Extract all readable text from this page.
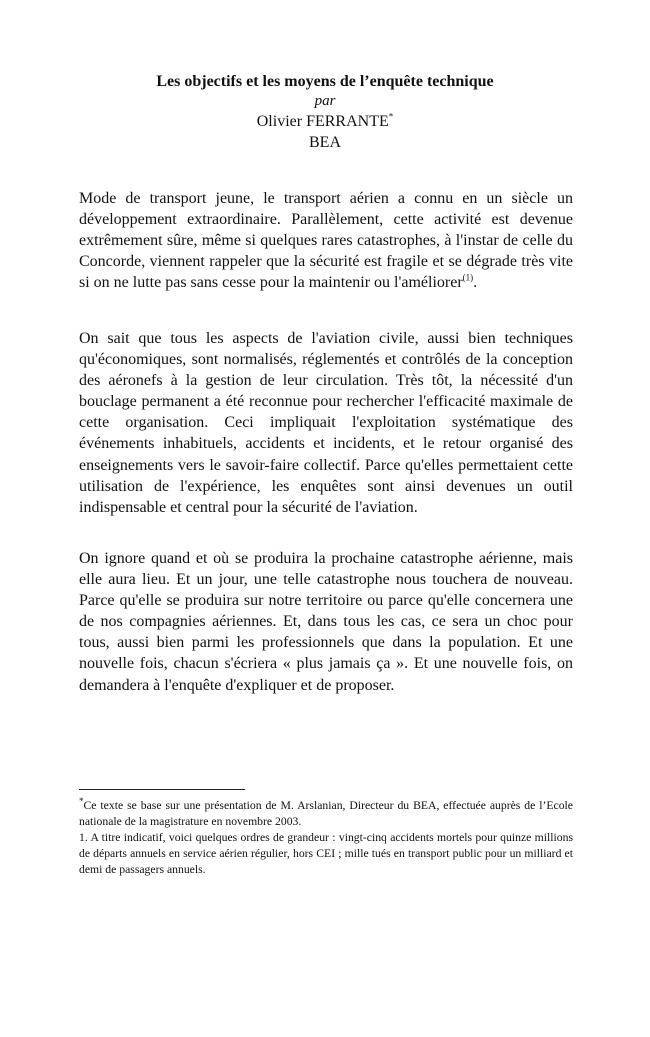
Les objectifs et les moyens de l’enquête technique
par
Olivier FERRANTE*
BEA

Mode de transport jeune, le transport aérien a connu en un siècle un développement extraordinaire. Parallèlement, cette activité est devenue extrêmement sûre, même si quelques rares catastrophes, à l'instar de celle du Concorde, viennent rappeler que la sécurité est fragile et se dégrade très vite si on ne lutte pas sans cesse pour la maintenir ou l'améliorer$^{(1)}$.

On sait que tous les aspects de l'aviation civile, aussi bien techniques qu'économiques, sont normalisés, réglementés et contrôlés de la conception des aéronefs à la gestion de leur circulation. Très tôt, la nécessité d'un bouclage permanent a été reconnue pour rechercher l'efficacité maximale de cette organisation. Ceci impliquait l'exploitation systématique des événements inhabituels, accidents et incidents, et le retour organisé des enseignements vers le savoir-faire collectif. Parce qu'elles permettaient cette utilisation de l'expérience, les enquêtes sont ainsi devenues un outil indispensable et central pour la sécurité de l'aviation.

On ignore quand et où se produira la prochaine catastrophe aérienne, mais elle aura lieu. Et un jour, une telle catastrophe nous touchera de nouveau. Parce qu'elle se produira sur notre territoire ou parce qu'elle concernera une de nos compagnies aériennes. Et, dans tous les cas, ce sera un choc pour tous, aussi bien parmi les professionnels que dans la population. Et une nouvelle fois, chacun s'écriera « plus jamais ça ». Et une nouvelle fois, on demandera à l'enquête d'expliquer et de proposer.

*Ce texte se base sur une présentation de M. Arslanian, Directeur du BEA, effectuée auprès de l’Ecole nationale de la magistrature en novembre 2003.

1. A titre indicatif, voici quelques ordres de grandeur : vingt-cinq accidents mortels pour quinze millions de départs annuels en service aérien régulier, hors CEI ; mille tués en transport public pour un milliard et demi de passagers annuels.
